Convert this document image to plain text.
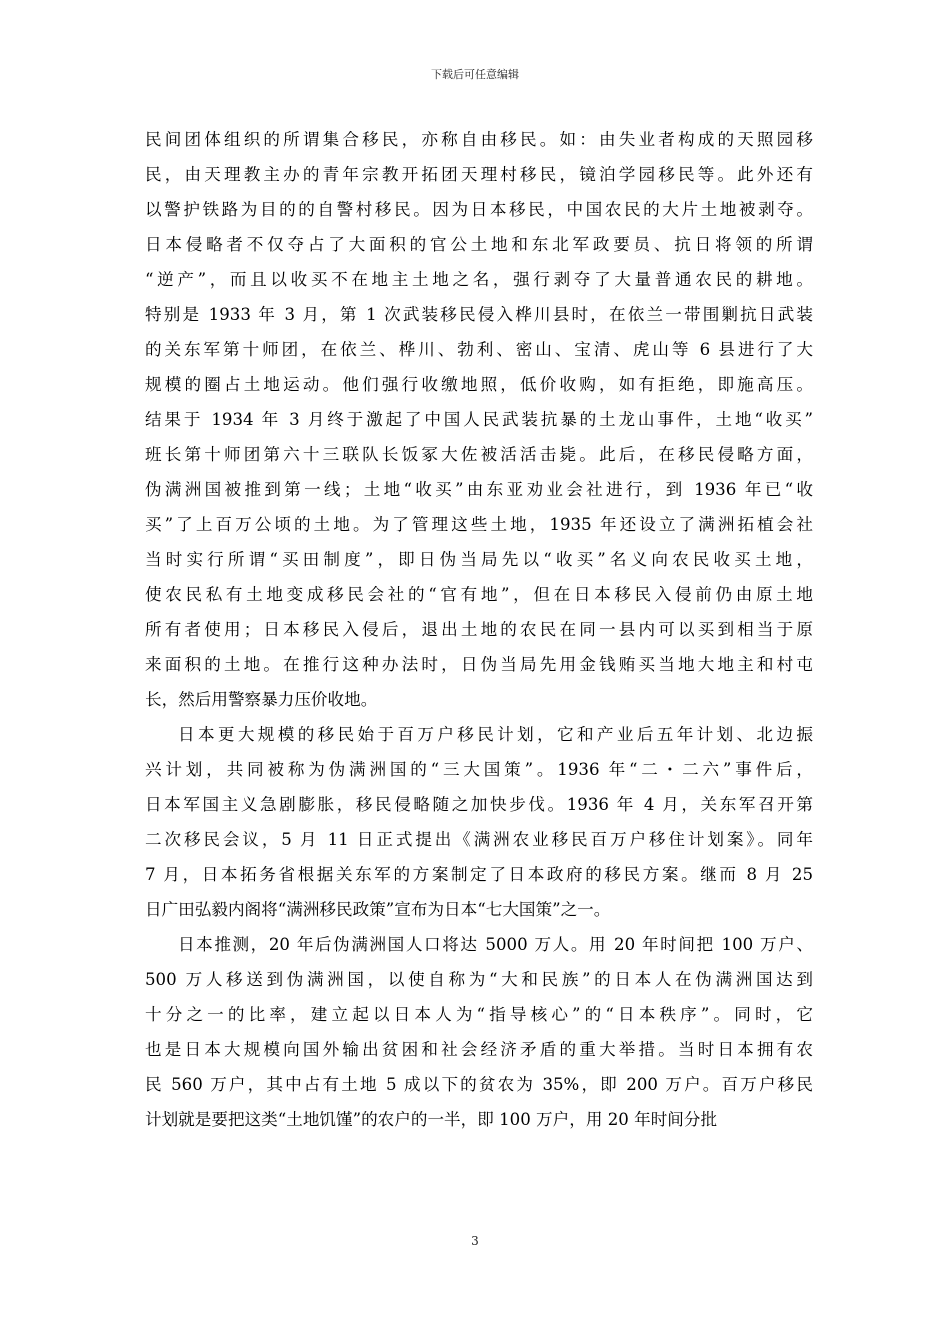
下载后可任意编辑
民间团体组织的所谓集合移民，亦称自由移民。如：由失业者构成的天照园移
民，由天理教主办的青年宗教开拓团天理村移民，镜泊学园移民等。此外还有
以警护铁路为目的的自警村移民。因为日本移民，中国农民的大片土地被剥夺。
日本侵略者不仅夺占了大面积的官公土地和东北军政要员、抗日将领的所谓
“逆产”，而且以收买不在地主土地之名，强行剥夺了大量普通农民的耕地。
特别是 1933 年 3 月，第 1 次武装移民侵入桦川县时，在依兰一带围剿抗日武装
的关东军第十师团，在依兰、桦川、勃利、密山、宝清、虎山等 6 县进行了大
规模的圈占土地运动。他们强行收缴地照，低价收购，如有拒绝，即施高压。
结果于 1934 年 3 月终于激起了中国人民武装抗暴的土龙山事件，土地“收买”
班长第十师团第六十三联队长饭冢大佐被活活击毙。此后，在移民侵略方面，
伪满洲国被推到第一线；土地“收买”由东亚劝业会社进行，到 1936 年已“收
买”了上百万公顷的土地。为了管理这些土地，1935 年还设立了满洲拓植会社
当时实行所谓“买田制度”，即日伪当局先以“收买”名义向农民收买土地，
使农民私有土地变成移民会社的“官有地”，但在日本移民入侵前仍由原土地
所有者使用；日本移民入侵后，退出土地的农民在同一县内可以买到相当于原
来面积的土地。在推行这种办法时，日伪当局先用金钱贿买当地大地主和村屯
长，然后用警察暴力压价收地。
日本更大规模的移民始于百万户移民计划，它和产业后五年计划、北边振
兴计划，共同被称为伪满洲国的“三大国策”。1936 年“二・二六”事件后，
日本军国主义急剧膨胀，移民侵略随之加快步伐。1936 年 4 月，关东军召开第
二次移民会议，5 月 11 日正式提出《满洲农业移民百万户移住计划案》。同年
7 月，日本拓务省根据关东军的方案制定了日本政府的移民方案。继而 8 月 25
日广田弘毅内阁将“满洲移民政策”宣布为日本“七大国策”之一。
日本推测，20 年后伪满洲国人口将达 5000 万人。用 20 年时间把 100 万户、
500 万人移送到伪满洲国，以使自称为“大和民族”的日本人在伪满洲国达到
十分之一的比率，建立起以日本人为“指导核心”的“日本秩序”。同时，它
也是日本大规模向国外输出贫困和社会经济矛盾的重大举措。当时日本拥有农
民 560 万户，其中占有土地 5 成以下的贫农为 35%，即 200 万户。百万户移民
计划就是要把这类“土地饥馑”的农户的一半，即 100 万户，用 20 年时间分批
3
